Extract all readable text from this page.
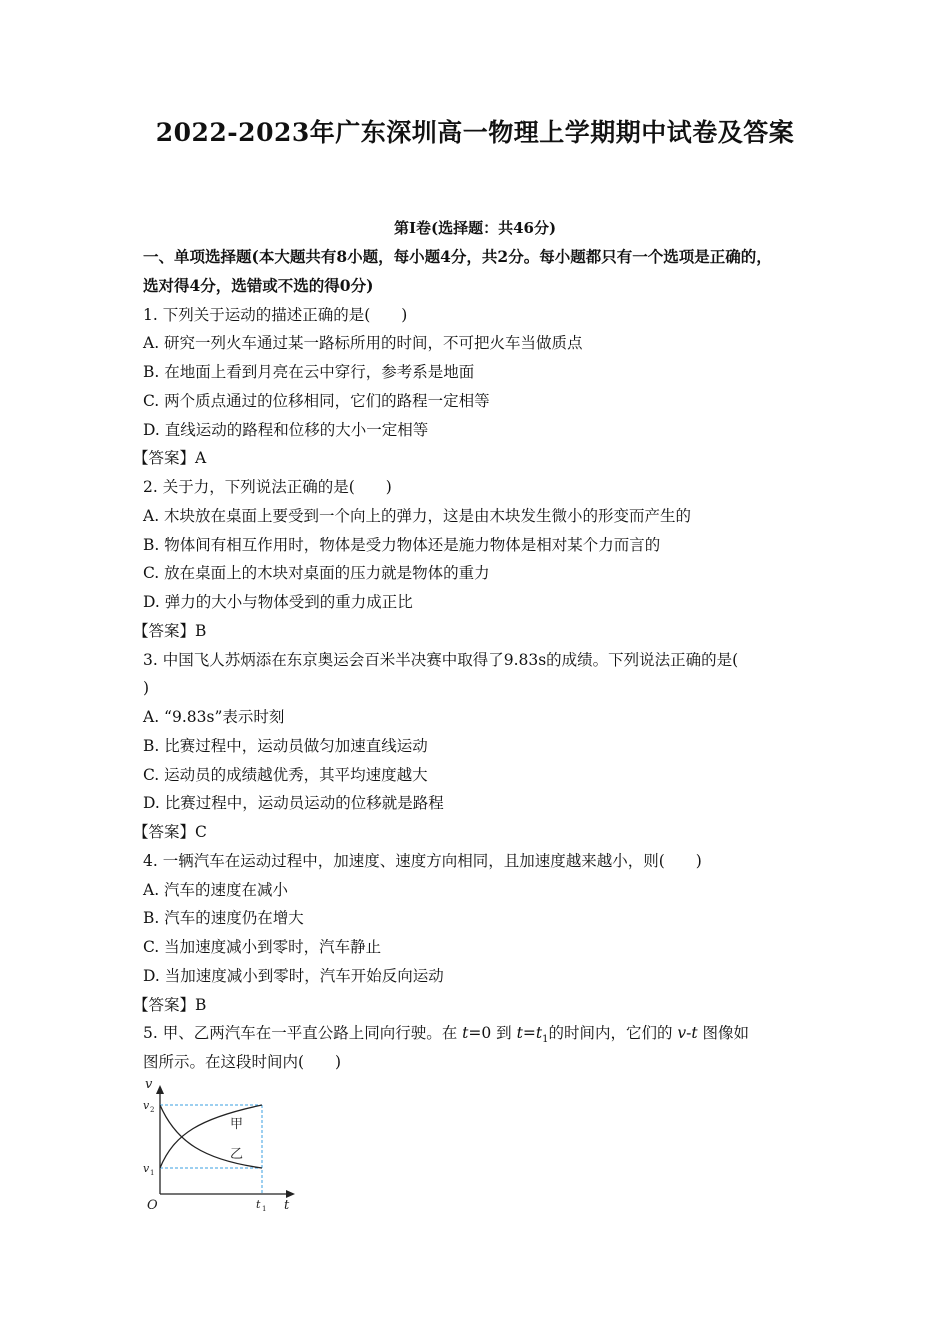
2022-2023年广东深圳高一物理上学期期中试卷及答案
第Ⅰ卷(选择题：共46分)
一、单项选择题(本大题共有8小题，每小题4分，共2分。每小题都只有一个选项是正确的，
选对得4分，选错或不选的得0分)
1. 下列关于运动的描述正确的是(　　)
A. 研究一列火车通过某一路标所用的时间，不可把火车当做质点
B. 在地面上看到月亮在云中穿行，参考系是地面
C. 两个质点通过的位移相同，它们的路程一定相等
D. 直线运动的路程和位移的大小一定相等
【答案】A
2. 关于力，下列说法正确的是(　　)
A. 木块放在桌面上要受到一个向上的弹力，这是由木块发生微小的形变而产生的
B. 物体间有相互作用时，物体是受力物体还是施力物体是相对某个力而言的
C. 放在桌面上的木块对桌面的压力就是物体的重力
D. 弹力的大小与物体受到的重力成正比
【答案】B
3. 中国飞人苏炳添在东京奥运会百米半决赛中取得了9.83s的成绩。下列说法正确的是(
)
A. “9.83s”表示时刻
B. 比赛过程中，运动员做匀加速直线运动
C. 运动员的成绩越优秀，其平均速度越大
D. 比赛过程中，运动员运动的位移就是路程
【答案】C
4. 一辆汽车在运动过程中，加速度、速度方向相同，且加速度越来越小，则(　　)
A. 汽车的速度在减小
B. 汽车的速度仍在增大
C. 当加速度减小到零时，汽车静止
D. 当加速度减小到零时，汽车开始反向运动
【答案】B
5. 甲、乙两汽车在一平直公路上同向行驶。在 t=0 到 $t=t_1$的时间内，它们的 v-t 图像如
图所示。在这段时间内(　　)
v
t
O
v 2
v 1
t 1
甲
乙
